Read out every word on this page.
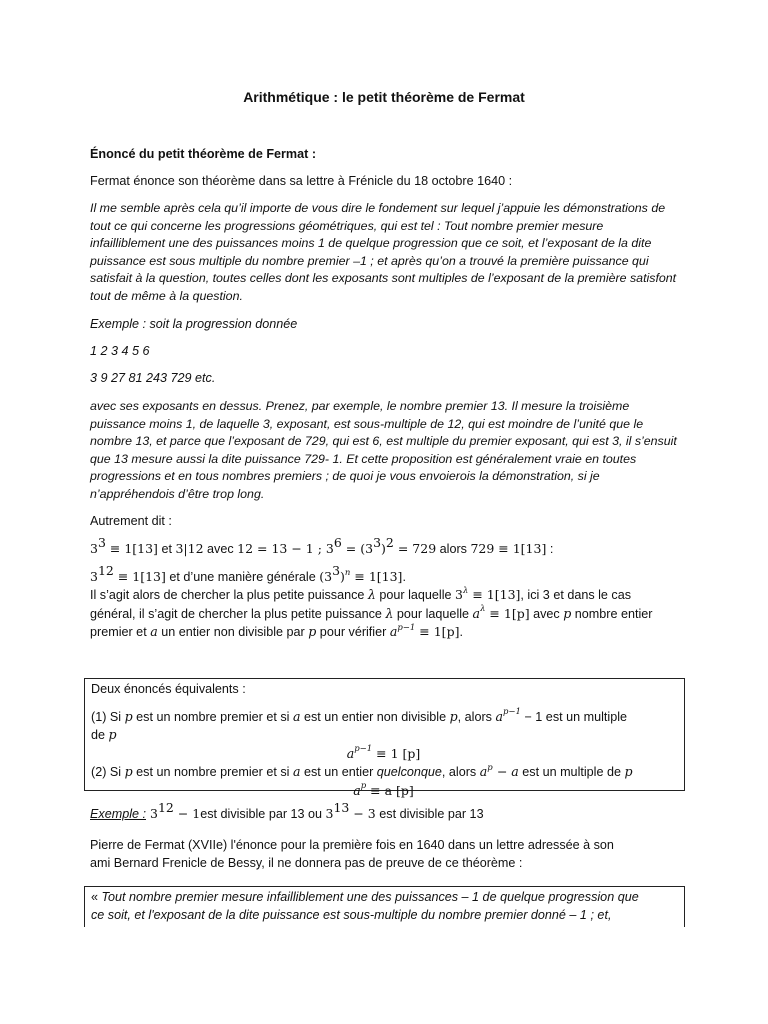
Arithmétique : le petit théorème de Fermat
Énoncé du petit théorème de Fermat :
Fermat énonce son théorème dans sa lettre à Frénicle du 18 octobre 1640 :
Il me semble après cela qu’il importe de vous dire le fondement sur lequel j’appuie les démonstrations de tout ce qui concerne les progressions géométriques, qui est tel : Tout nombre premier mesure infailliblement une des puissances moins 1 de quelque progression que ce soit, et l’exposant de la dite puissance est sous multiple du nombre premier –1 ; et après qu’on a trouvé la première puissance qui satisfait à la question, toutes celles dont les exposants sont multiples de l’exposant de la première satisfont tout de même à la question.
Exemple : soit la progression donnée
1 2 3 4 5 6
3 9 27 81 243 729 etc.
avec ses exposants en dessus. Prenez, par exemple, le nombre premier 13. Il mesure la troisième puissance moins 1, de laquelle 3, exposant, est sous-multiple de 12, qui est moindre de l’unité que le nombre 13, et parce que l’exposant de 729, qui est 6, est multiple du premier exposant, qui est 3, il s’ensuit que 13 mesure aussi la dite puissance 729- 1. Et cette proposition est généralement vraie en toutes progressions et en tous nombres premiers ; de quoi je vous envoierois la démonstration, si je n’appréhendois d’être trop long.
Autrement dit :
$3^3 \equiv 1[13]$ et 3|12 avec 12 = 13 − 1 ; $3^6 = (3^3)^2 = 729$ alors 729 ≡ 1[13] :
$3^{12} \equiv 1[13]$ et d’une manière générale $(3^3)^n \equiv 1[13]$.
Il s’agit alors de chercher la plus petite puissance λ pour laquelle $3^\lambda \equiv 1[13]$, ici 3 et dans le cas général, il s’agit de chercher la plus petite puissance λ pour laquelle $a^\lambda \equiv 1[p]$ avec p nombre entier premier et a un entier non divisible par p pour vérifier $a^{p-1} \equiv 1[p]$.
Deux énoncés équivalents :
(1) Si p est un nombre premier et si a est un entier non divisible p, alors $a^{p-1} - 1$ est un multiple
de p
$a^{p-1} \equiv 1$ [p]
(2) Si p est un nombre premier et si a est un entier quelconque, alors $a^p - a$ est un multiple de p
$a^p \equiv a$ [p]
Exemple : $3^{12} - 1est$ divisible par 13 ou $3^{13} - 3$ est divisible par 13
Pierre de Fermat (XVIIe) l'énonce pour la première fois en 1640 dans un lettre adressée à son ami Bernard Frenicle de Bessy, il ne donnera pas de preuve de ce théorème :
« Tout nombre premier mesure infailliblement une des puissances – 1 de quelque progression que ce soit, et l'exposant de la dite puissance est sous-multiple du nombre premier donné – 1 ; et,
